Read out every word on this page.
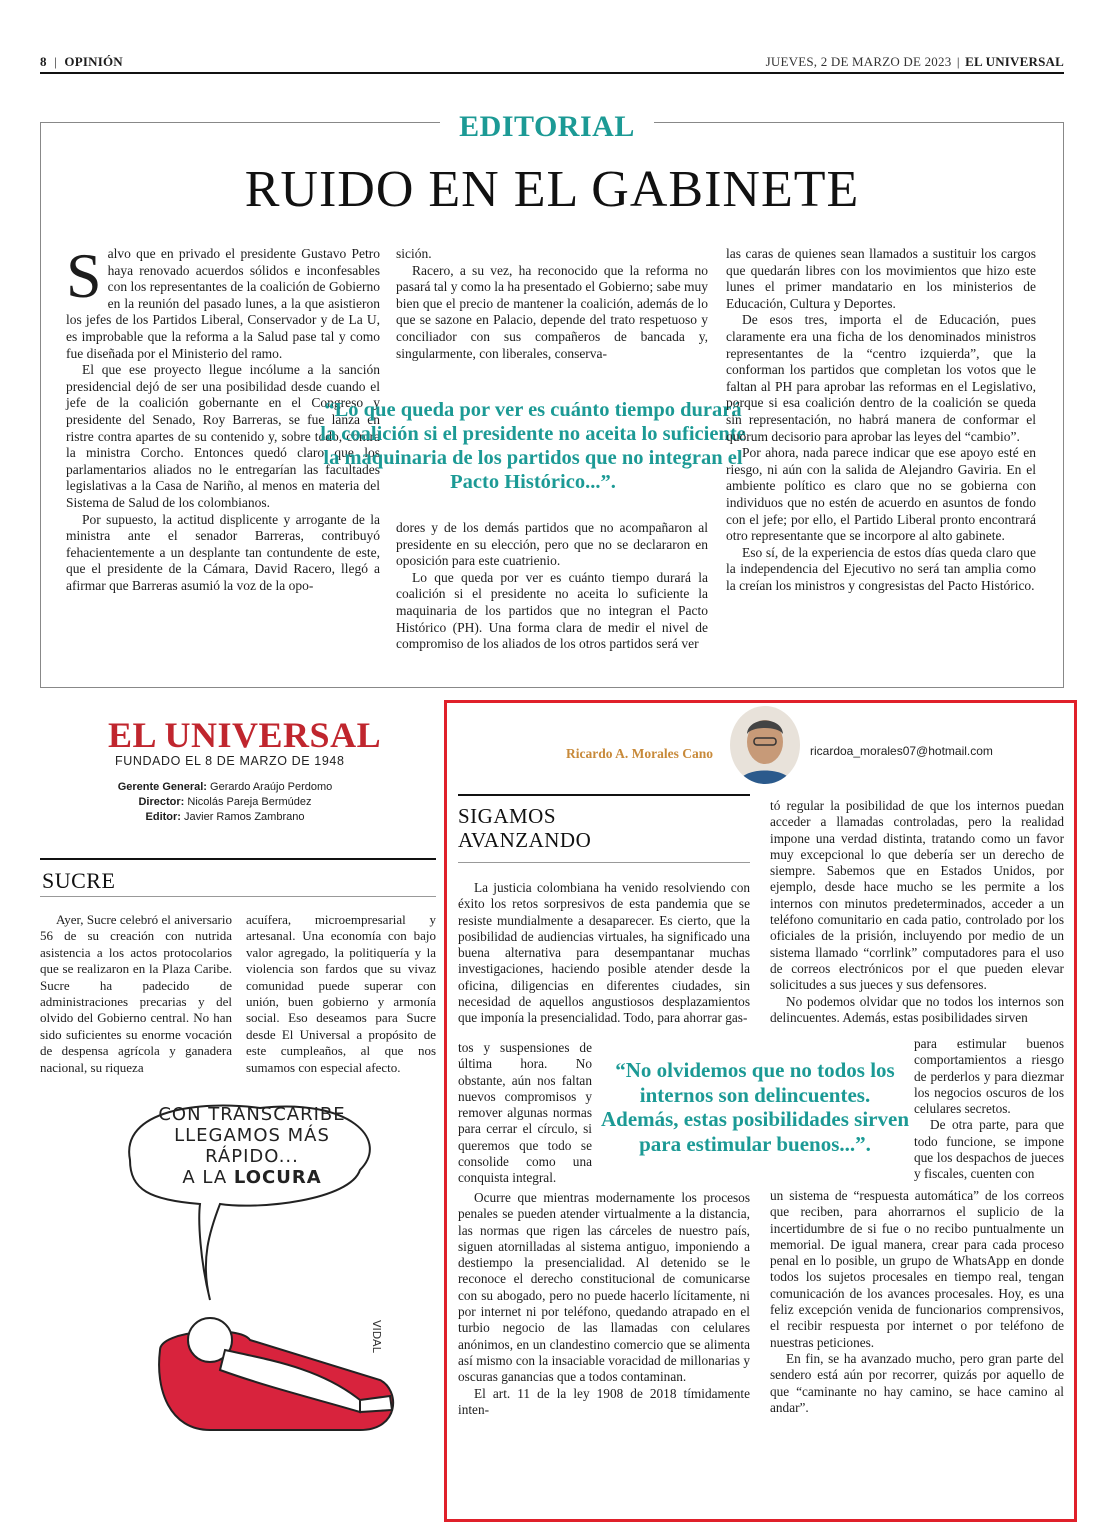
8 | OPINIÓN	JUEVES, 2 DE MARZO DE 2023 | EL UNIVERSAL
EDITORIAL
RUIDO EN EL GABINETE

Salvo que en privado el presidente Gustavo Petro haya renovado acuerdos sólidos e inconfesables con los representantes de la coalición de Gobierno en la reunión del pasado lunes, a la que asistieron los jefes de los Partidos Liberal, Conservador y de La U, es improbable que la reforma a la Salud pase tal y como fue diseñada por el Ministerio del ramo.

El que ese proyecto llegue incólume a la sanción presidencial dejó de ser una posibilidad desde cuando el jefe de la coalición gobernante en el Congreso y presidente del Senado, Roy Barreras, se fue lanza en ristre contra apartes de su contenido y, sobre todo, contra la ministra Corcho. Entonces quedó claro que los parlamentarios aliados no le entregarían las facultades legislativas a la Casa de Nariño, al menos en materia del Sistema de Salud de los colombianos.

Por supuesto, la actitud displicente y arrogante de la ministra ante el senador Barreras, contribuyó fehacientemente a un desplante tan contundente de este, que el presidente de la Cámara, David Racero, llegó a afirmar que Barreras asumió la voz de la opo-

sición.

Racero, a su vez, ha reconocido que la reforma no pasará tal y como la ha presentado el Gobierno; sabe muy bien que el precio de mantener la coalición, además de lo que se sazone en Palacio, depende del trato respetuoso y conciliador con sus compañeros de bancada y, singularmente, con liberales, conserva-

“Lo que queda por ver es cuánto tiempo durará la coalición si el presidente no aceita lo suficiente la maquinaria de los partidos que no integran el Pacto Histórico...”.

dores y de los demás partidos que no acompañaron al presidente en su elección, pero que no se declararon en oposición para este cuatrienio.

Lo que queda por ver es cuánto tiempo durará la coalición si el presidente no aceita lo suficiente la maquinaria de los partidos que no integran el Pacto Histórico (PH). Una forma clara de medir el nivel de compromiso de los aliados de los otros partidos será ver

las caras de quienes sean llamados a sustituir los cargos que quedarán libres con los movimientos que hizo este lunes el primer mandatario en los ministerios de Educación, Cultura y Deportes.

De esos tres, importa el de Educación, pues claramente era una ficha de los denominados ministros representantes de la “centro izquierda”, que la conforman los partidos que completan los votos que le faltan al PH para aprobar las reformas en el Legislativo, porque si esa coalición dentro de la coalición se queda sin representación, no habrá manera de conformar el quórum decisorio para aprobar las leyes del “cambio”.

Por ahora, nada parece indicar que ese apoyo esté en riesgo, ni aún con la salida de Alejandro Gaviria. En el ambiente político es claro que no se gobierna con individuos que no estén de acuerdo en asuntos de fondo con el jefe; por ello, el Partido Liberal pronto encontrará otro representante que se incorpore al alto gabinete.

Eso sí, de la experiencia de estos días queda claro que la independencia del Ejecutivo no será tan amplia como la creían los ministros y congresistas del Pacto Histórico.

EL UNIVERSAL
FUNDADO EL 8 DE MARZO DE 1948
Gerente General: Gerardo Araújo Perdomo
Director: Nicolás Pareja Bermúdez
Editor: Javier Ramos Zambrano
SUCRE

Ayer, Sucre celebró el aniversario 56 de su creación con nutrida asistencia a los actos protocolarios que se realizaron en la Plaza Caribe. Sucre ha padecido de administraciones precarias y del olvido del Gobierno central. No han sido suficientes su enorme vocación de despensa agrícola y ganadera nacional, su riqueza

acuífera, microempresarial y artesanal. Una economía con bajo valor agregado, la politiquería y la violencia son fardos que su vivaz comunidad puede superar con unión, buen gobierno y armonía social. Eso deseamos para Sucre desde El Universal a propósito de este cumpleaños, al que nos sumamos con especial afecto.

CON TRANSCARIBE
LLEGAMOS MÁS RÁPIDO...
A LA LOCURA
VIDAL
Ricardo A. Morales Cano	ricardoa_morales07@hotmail.com
SIGAMOS
AVANZANDO

La justicia colombiana ha venido resolviendo con éxito los retos sorpresivos de esta pandemia que se resiste mundialmente a desaparecer. Es cierto, que la posibilidad de audiencias virtuales, ha significado una buena alternativa para desempantanar muchas investigaciones, haciendo posible atender desde la oficina, diligencias en diferentes ciudades, sin necesidad de aquellos angustiosos desplazamientos que imponía la presencialidad. Todo, para ahorrar gas-

tos y suspensiones de última hora. No obstante, aún nos faltan nuevos compromisos y remover algunas normas para cerrar el círculo, si queremos que todo se consolide como una conquista integral.

“No olvidemos que no todos los internos son delincuentes. Además, estas posibilidades sirven para estimular buenos...”.

Ocurre que mientras modernamente los procesos penales se pueden atender virtualmente a la distancia, las normas que rigen las cárceles de nuestro país, siguen atornilladas al sistema antiguo, imponiendo a destiempo la presencialidad. Al detenido se le reconoce el derecho constitucional de comunicarse con su abogado, pero no puede hacerlo lícitamente, ni por internet ni por teléfono, quedando atrapado en el turbio negocio de las llamadas con celulares anónimos, en un clandestino comercio que se alimenta así mismo con la insaciable voracidad de millonarias y oscuras ganancias que a todos contaminan.

El art. 11 de la ley 1908 de 2018 tímidamente inten-

tó regular la posibilidad de que los internos puedan acceder a llamadas controladas, pero la realidad impone una verdad distinta, tratando como un favor muy excepcional lo que debería ser un derecho de siempre. Sabemos que en Estados Unidos, por ejemplo, desde hace mucho se les permite a los internos con minutos predeterminados, acceder a un teléfono comunitario en cada patio, controlado por los oficiales de la prisión, incluyendo por medio de un sistema llamado “corrlink” computadores para el uso de correos electrónicos por el que pueden elevar solicitudes a sus jueces y sus defensores.

No podemos olvidar que no todos los internos son delincuentes. Además, estas posibilidades sirven

para estimular buenos comportamientos a riesgo de perderlos y para diezmar los negocios oscuros de los celulares secretos.

De otra parte, para que todo funcione, se impone que los despachos de jueces y fiscales, cuenten con

un sistema de “respuesta automática” de los correos que reciben, para ahorrarnos el suplicio de la incertidumbre de si fue o no recibo puntualmente un memorial. De igual manera, crear para cada proceso penal en lo posible, un grupo de WhatsApp en donde todos los sujetos procesales en tiempo real, tengan comunicación de los avances procesales. Hoy, es una feliz excepción venida de funcionarios comprensivos, el recibir respuesta por internet o por teléfono de nuestras peticiones.

En fin, se ha avanzado mucho, pero gran parte del sendero está aún por recorrer, quizás por aquello de que “caminante no hay camino, se hace camino al andar”.
